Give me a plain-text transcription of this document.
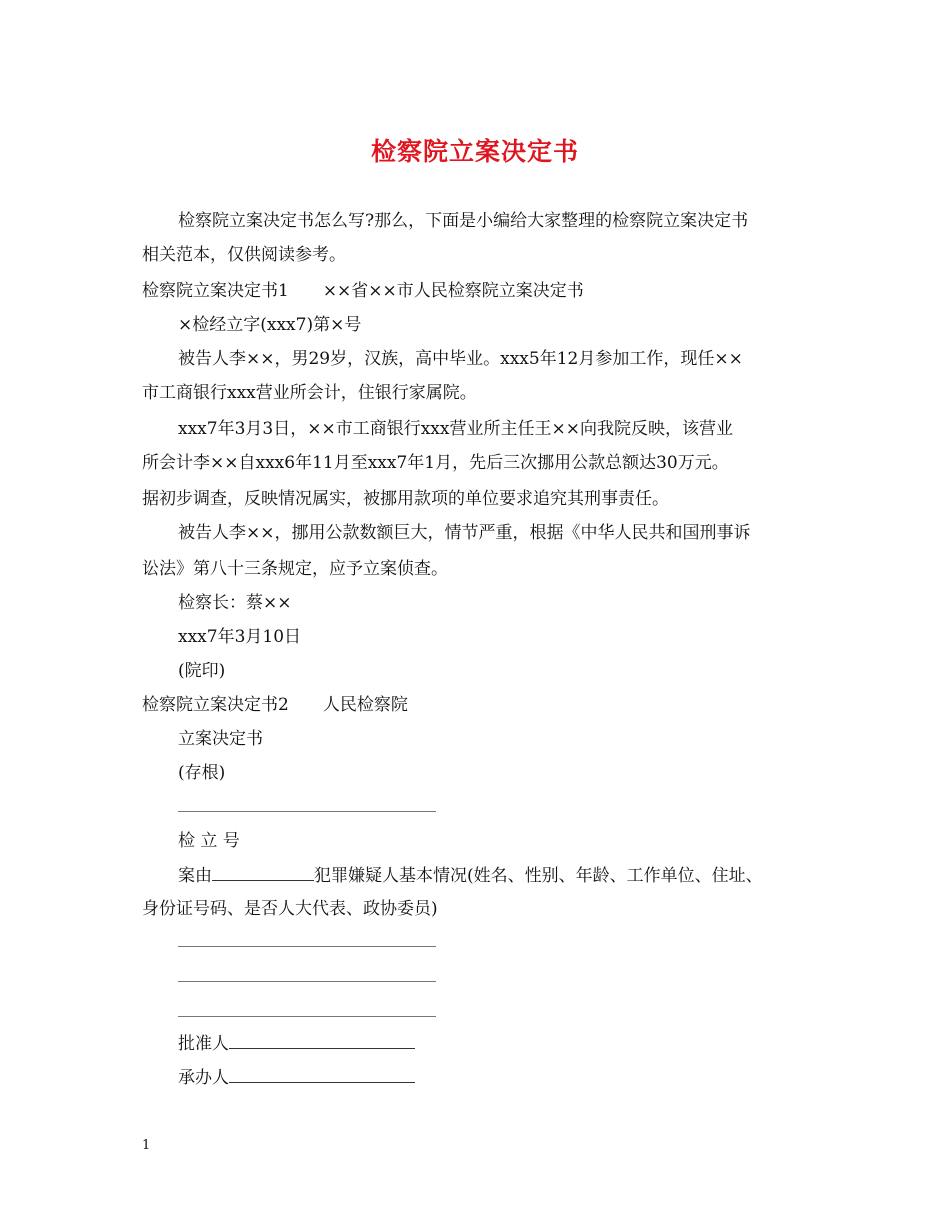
检察院立案决定书
检察院立案决定书怎么写?那么，下面是小编给大家整理的检察院立案决定书
相关范本，仅供阅读参考。
检察院立案决定书1　　××省××市人民检察院立案决定书
×检经立字(xxx7)第×号
被告人李××，男29岁，汉族，高中毕业。xxx5年12月参加工作，现任××
市工商银行xxx营业所会计，住银行家属院。
xxx7年3月3日，××市工商银行xxx营业所主任王××向我院反映，该营业
所会计李××自xxx6年11月至xxx7年1月，先后三次挪用公款总额达30万元。
据初步调查，反映情况属实，被挪用款项的单位要求追究其刑事责任。
被告人李××，挪用公款数额巨大，情节严重，根据《中华人民共和国刑事诉
讼法》第八十三条规定，应予立案侦查。
检察长：蔡××
xxx7年3月10日
(院印)
检察院立案决定书2　　人民检察院
立案决定书
(存根)
检 立 号
案由	犯罪嫌疑人基本情况(姓名、性别、年龄、工作单位、住址、
身份证号码、是否人大代表、政协委员)
批准人
承办人
1
